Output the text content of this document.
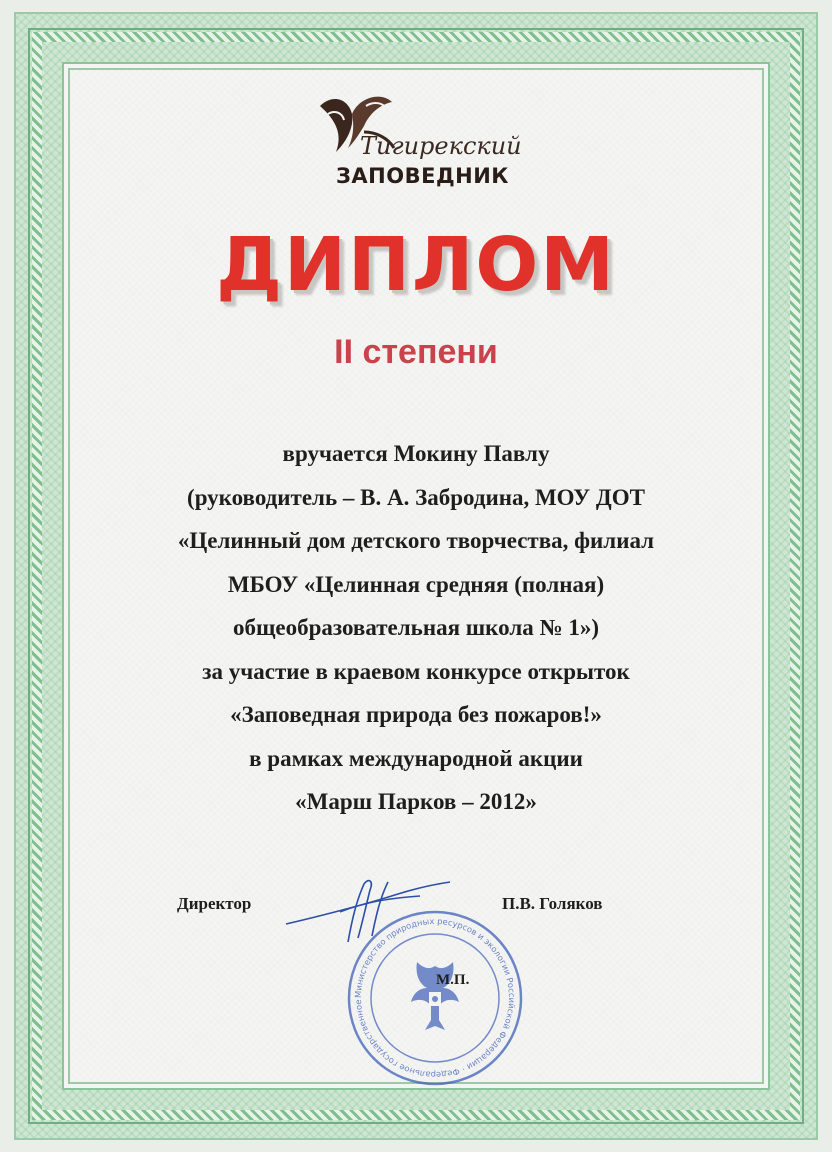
Тигирекский
ЗАПОВЕДНИК
ДИПЛОМ
II степени
вручается Мокину Павлу
(руководитель – В. А. Забродина, МОУ ДОТ
«Целинный дом детского творчества, филиал
МБОУ «Целинная средняя (полная)
общеобразовательная школа № 1»)
за участие в краевом конкурсе открыток
«Заповедная природа без пожаров!»
в рамках международной акции
«Марш Парков – 2012»
Министерство природных ресурсов и экологии Российской Федерации · Федеральное государственное
Директор	П.В. Голяков
М.П.
